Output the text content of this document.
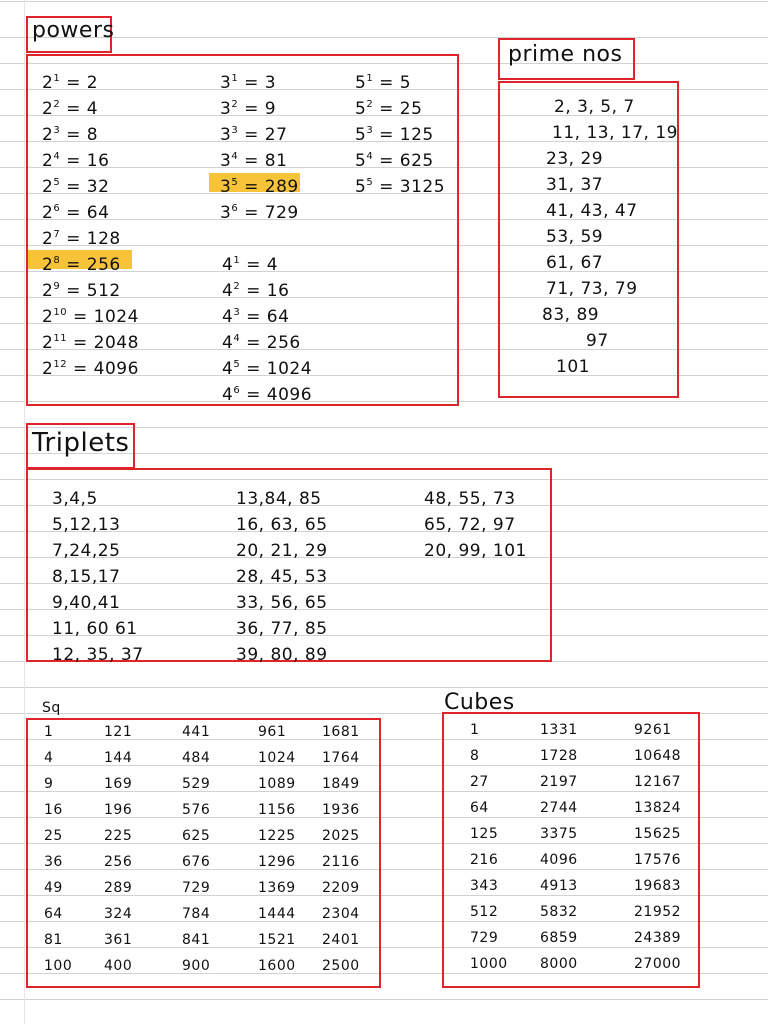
powers
$2^1 = 2$
$2^2 = 4$
$2^3 = 8$
$2^4 = 16$
$2^5 = 32$
$2^6 = 64$
$2^7 = 128$
$2^8 = 256$
$2^9 = 512$
$2^{10} = 1024$
$2^{11} = 2048$
$2^{12} = 4096$
$3^1 = 3$
$3^2 = 9$
$3^3 = 27$
$3^4 = 81$
$3^5 = 289$
$3^6 = 729$
$4^1 = 4$
$4^2 = 16$
$4^3 = 64$
$4^4 = 256$
$4^5 = 1024$
$4^6 = 4096$
$5^1 = 5$
$5^2 = 25$
$5^3 = 125$
$5^4 = 625$
$5^5 = 3125$
prime nos
2, 3, 5, 7
11, 13, 17, 19
23, 29
31, 37
41, 43, 47
53, 59
61, 67
71, 73, 79
83, 89
97
101
Triplets
3,4,5
5,12,13
7,24,25
8,15,17
9,40,41
11, 60 61
12, 35, 37
13,84, 85
16, 63, 65
20, 21, 29
28, 45, 53
33, 56, 65
36, 77, 85
39, 80, 89
48, 55, 73
65, 72, 97
20, 99, 101
Sq
1
4
9
16
25
36
49
64
81
100
121
144
169
196
225
256
289
324
361
400
441
484
529
576
625
676
729
784
841
900
961
1024
1089
1156
1225
1296
1369
1444
1521
1600
1681
1764
1849
1936
2025
2116
2209
2304
2401
2500
Cubes
1
8
27
64
125
216
343
512
729
1000
1331
1728
2197
2744
3375
4096
4913
5832
6859
8000
9261
10648
12167
13824
15625
17576
19683
21952
24389
27000
